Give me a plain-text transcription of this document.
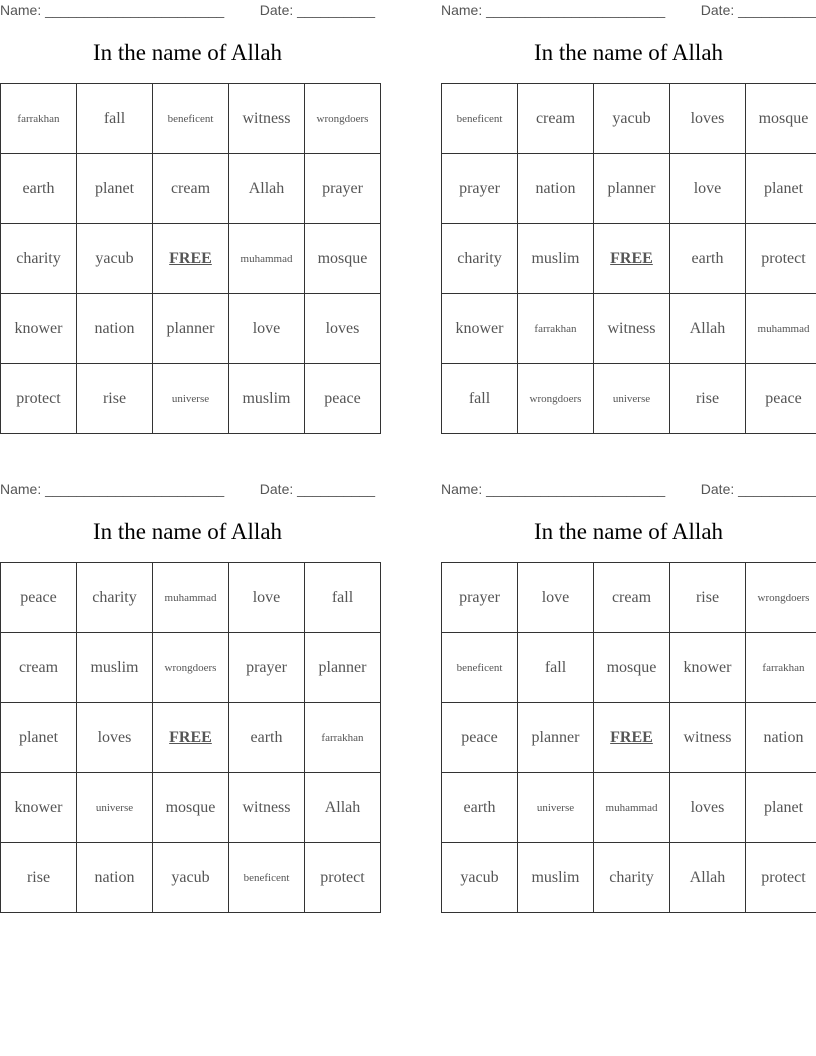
Name: _______________________	Date: __________
In the name of Allah
farrakhan	fall	beneficent	witness	wrongdoers
earth	planet	cream	Allah	prayer
charity	yacub	FREE	muhammad	mosque
knower	nation	planner	love	loves
protect	rise	universe	muslim	peace
Name: _______________________	Date: __________
In the name of Allah
beneficent	cream	yacub	loves	mosque
prayer	nation	planner	love	planet
charity	muslim	FREE	earth	protect
knower	farrakhan	witness	Allah	muhammad
fall	wrongdoers	universe	rise	peace
Name: _______________________	Date: __________
In the name of Allah
peace	charity	muhammad	love	fall
cream	muslim	wrongdoers	prayer	planner
planet	loves	FREE	earth	farrakhan
knower	universe	mosque	witness	Allah
rise	nation	yacub	beneficent	protect
Name: _______________________	Date: __________
In the name of Allah
prayer	love	cream	rise	wrongdoers
beneficent	fall	mosque	knower	farrakhan
peace	planner	FREE	witness	nation
earth	universe	muhammad	loves	planet
yacub	muslim	charity	Allah	protect
